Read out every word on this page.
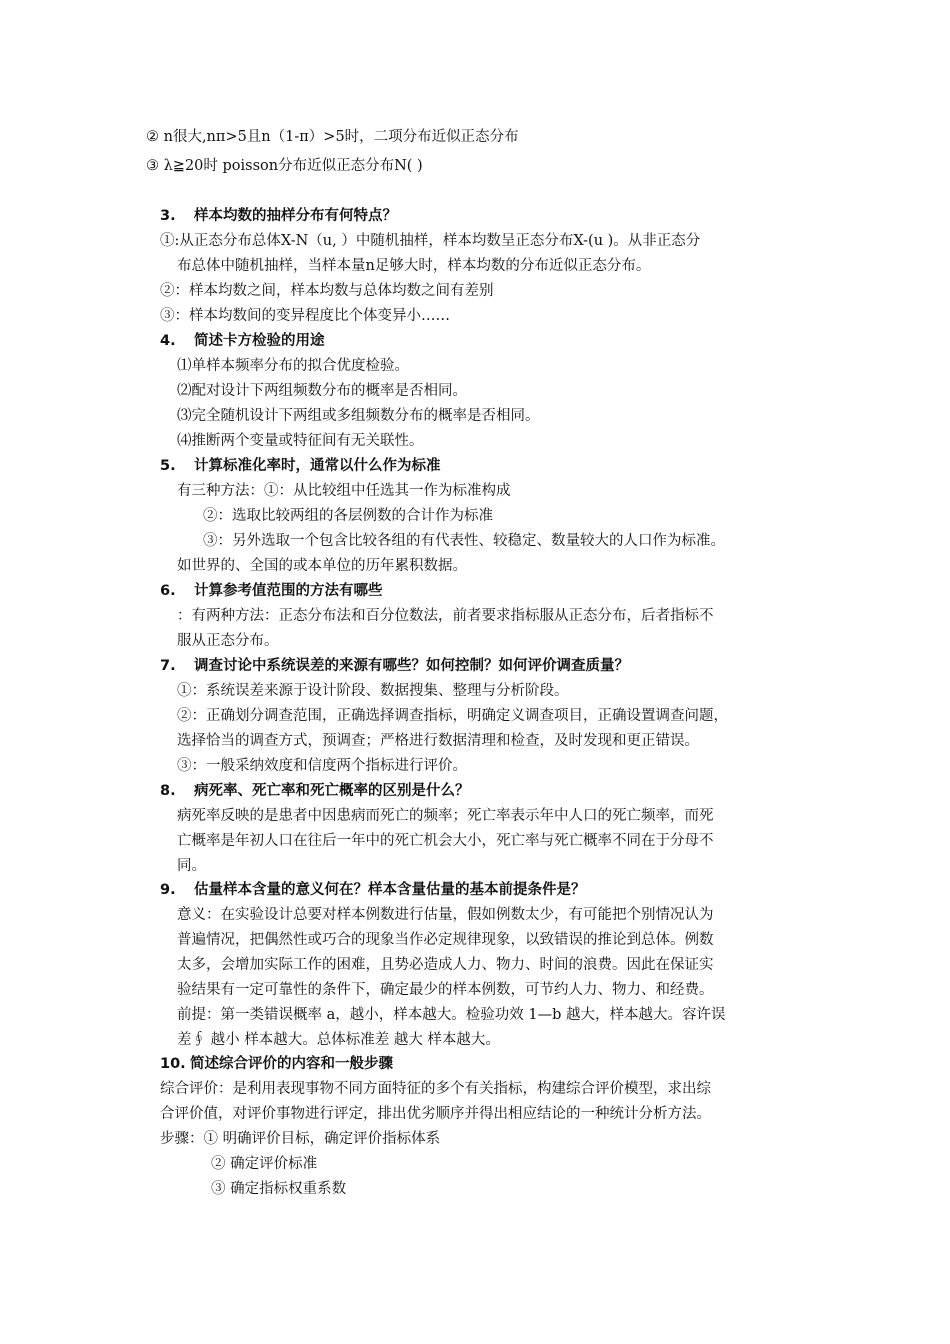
② n很大,nπ>5且n（1-π）>5时，二项分布近似正态分布
③ λ≧20时 poisson分布近似正态分布N( )
3. 样本均数的抽样分布有何特点？
①:从正态分布总体X-N（u, ）中随机抽样，样本均数呈正态分布X-(u )。从非正态分
布总体中随机抽样，当样本量n足够大时，样本均数的分布近似正态分布。
②：样本均数之间，样本均数与总体均数之间有差别
③：样本均数间的变异程度比个体变异小……
4. 简述卡方检验的用途
⑴单样本频率分布的拟合优度检验。
⑵配对设计下两组频数分布的概率是否相同。
⑶完全随机设计下两组或多组频数分布的概率是否相同。
⑷推断两个变量或特征间有无关联性。
5. 计算标准化率时，通常以什么作为标准
有三种方法：①：从比较组中任选其一作为标准构成
②：选取比较两组的各层例数的合计作为标准
③：另外选取一个包含比较各组的有代表性、较稳定、数量较大的人口作为标准。
如世界的、全国的或本单位的历年累积数据。
6. 计算参考值范围的方法有哪些
：有两种方法：正态分布法和百分位数法，前者要求指标服从正态分布，后者指标不
服从正态分布。
7. 调查讨论中系统误差的来源有哪些？如何控制？如何评价调查质量？
①：系统误差来源于设计阶段、数据搜集、整理与分析阶段。
②：正确划分调查范围，正确选择调查指标，明确定义调查项目，正确设置调查问题，
选择恰当的调查方式，预调查；严格进行数据清理和检查，及时发现和更正错误。
③：一般采纳效度和信度两个指标进行评价。
8. 病死率、死亡率和死亡概率的区别是什么？
病死率反映的是患者中因患病而死亡的频率；死亡率表示年中人口的死亡频率，而死
亡概率是年初人口在往后一年中的死亡机会大小，死亡率与死亡概率不同在于分母不
同。
9. 估量样本含量的意义何在？样本含量估量的基本前提条件是？
意义：在实验设计总要对样本例数进行估量，假如例数太少，有可能把个别情况认为
普遍情况，把偶然性或巧合的现象当作必定规律现象，以致错误的推论到总体。例数
太多，会增加实际工作的困难，且势必造成人力、物力、时间的浪费。因此在保证实
验结果有一定可靠性的条件下，确定最少的样本例数，可节约人力、物力、和经费。
前提：第一类错误概率 a，越小，样本越大。检验功效 1—b 越大，样本越大。容许误
差∮ 越小 样本越大。总体标准差 越大 样本越大。
10. 简述综合评价的内容和一般步骤
综合评价：是利用表现事物不同方面特征的多个有关指标，构建综合评价模型，求出综
合评价值，对评价事物进行评定，排出优劣顺序并得出相应结论的一种统计分析方法。
步骤：① 明确评价目标，确定评价指标体系
② 确定评价标准
③ 确定指标权重系数
